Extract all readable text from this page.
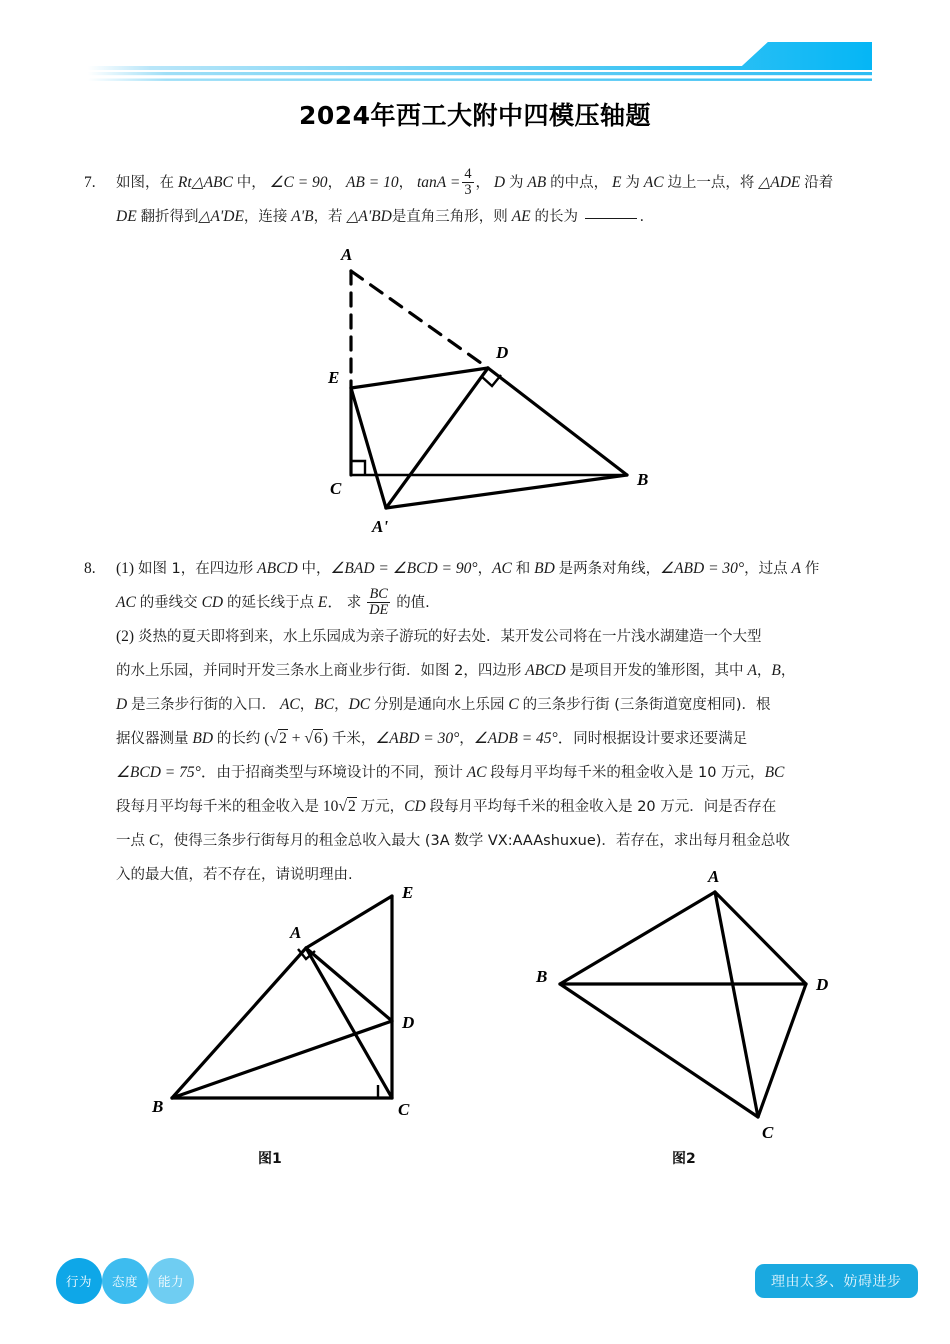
2024年西工大附中四模压轴题
7.	如图，在 Rt△ABC 中， ∠C = 90， AB = 10， $\tan A = \frac{4}{3}$ ， D 为 AB 的中点， E 为 AC 边上一点，将 △ADE 沿着
DE 翻折得到△A'DE，连接 A'B，若 △A'BD是直角三角形，则 AE 的长为	.
A
E
D
C	B
A'
8.	(1) 如图 1，在四边形 ABCD 中，∠BAD = ∠BCD = 90°，AC 和 BD 是两条对角线，∠ABD = 30°，过点 A 作
AC 的垂线交 CD 的延长线于点 E． 求 $\frac{BC}{DE}$ 的值.
(2) 炎热的夏天即将到来，水上乐园成为亲子游玩的好去处．某开发公司将在一片浅水湖建造一个大型
的水上乐园，并同时开发三条水上商业步行街．如图 2，四边形 ABCD 是项目开发的雏形图，其中 A，B，
D 是三条步行街的入口． AC，BC，DC 分别是通向水上乐园 C 的三条步行街 (三条街道宽度相同)．根
据仪器测量 BD 的长约 (√2 + √6) 千米，∠ABD = 30°，∠ADB = 45°．同时根据设计要求还要满足
∠BCD = 75°．由于招商类型与环境设计的不同，预计 AC 段每月平均每千米的租金收入是 10 万元，BC
段每月平均每千米的租金收入是 10√2 万元，CD 段每月平均每千米的租金收入是 20 万元．问是否存在
一点 C，使得三条步行街每月的租金总收入最大 (3A 数学 VX:AAAshuxue)．若存在，求出每月租金总收
入的最大值，若不存在，请说明理由.
E
A
D
B	C
A
B	D
C
图1	图2
行为	态度	能力	理由太多、妨碍进步
